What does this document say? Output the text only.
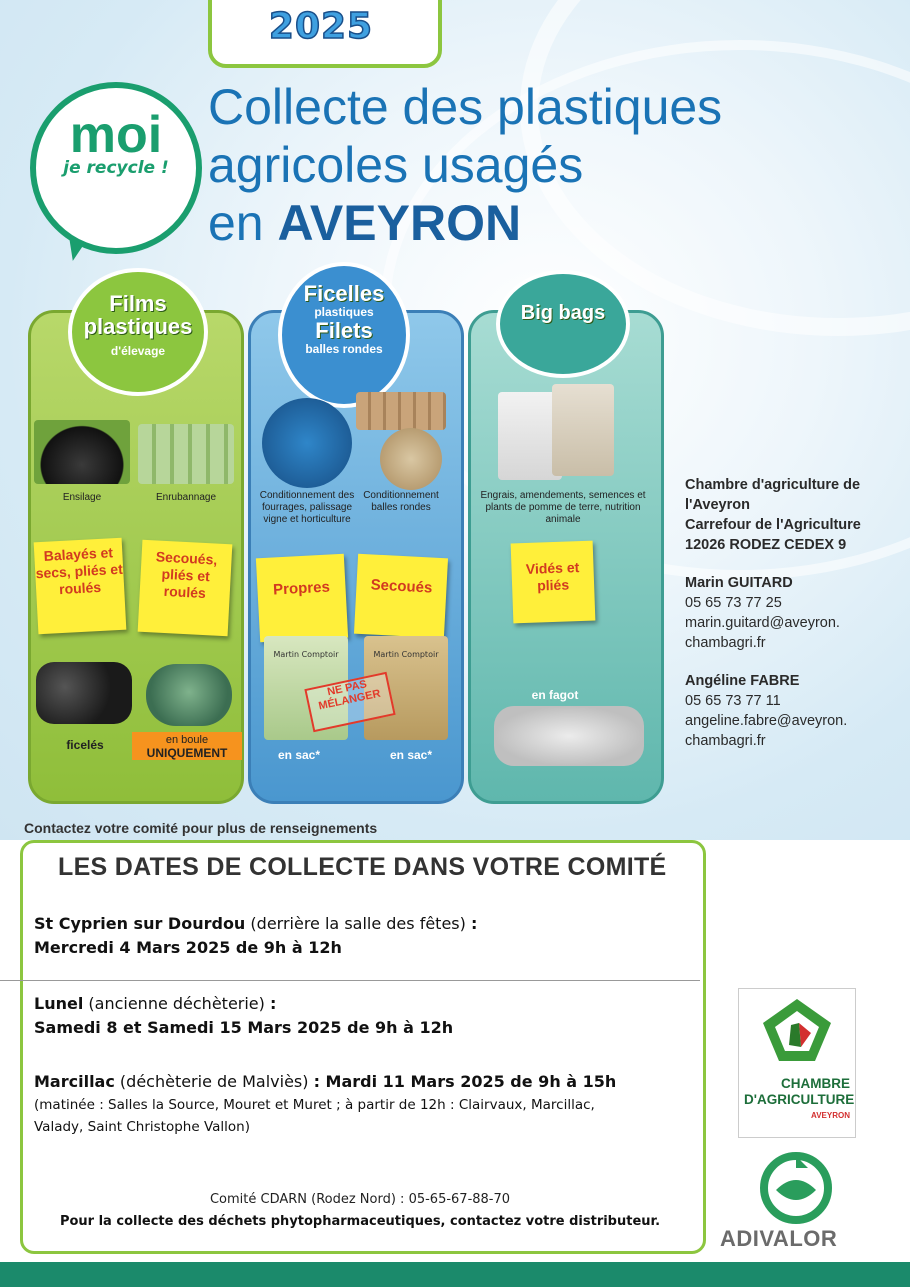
2025
Collecte des plastiques
agricoles usagés
en AVEYRON
moi
je recycle !
Films plastiques
d'élevage
Ficelles
plastiques
Filets
balles rondes
Big bags
Ensilage	Enrubannage
Balayés et secs, pliés et roulés
Secoués, pliés et roulés
ficelés	en boule
UNIQUEMENT
Conditionnement des fourrages, palissage vigne et horticulture
Conditionnement balles rondes
Propres	Secoués
Martin Comptoir	Martin Comptoir
NE PAS MÉLANGER
en sac*	en sac*
Engrais, amendements, semences et plants de pomme de terre, nutrition animale
Vidés et pliés
en fagot

Chambre d'agriculture de

l'Aveyron

Carrefour de l'Agriculture

12026 RODEZ CEDEX 9

Marin GUITARD

05 65 73 77 25

marin.guitard@aveyron.

chambagri.fr

Angéline FABRE

05 65 73 77 11

angeline.fabre@aveyron.

chambagri.fr

Contactez votre comité pour plus de renseignements
LES DATES DE COLLECTE DANS VOTRE COMITÉ
St Cyprien sur Dourdou (derrière la salle des fêtes) :
Mercredi 4 Mars 2025 de 9h à 12h
Lunel (ancienne déchèterie) :
Samedi 8 et Samedi 15 Mars 2025 de 9h à 12h
Marcillac (déchèterie de Malviès) : Mardi 11 Mars 2025 de 9h à 15h
(matinée : Salles la Source, Mouret et Muret ; à partir de 12h : Clairvaux, Marcillac,
Valady, Saint Christophe Vallon)
Comité CDARN (Rodez Nord) : 05-65-67-88-70
Pour la collecte des déchets phytopharmaceutiques, contactez votre distributeur.
CHAMBRE
D'AGRICULTURE
AVEYRON
ADIVALOR
